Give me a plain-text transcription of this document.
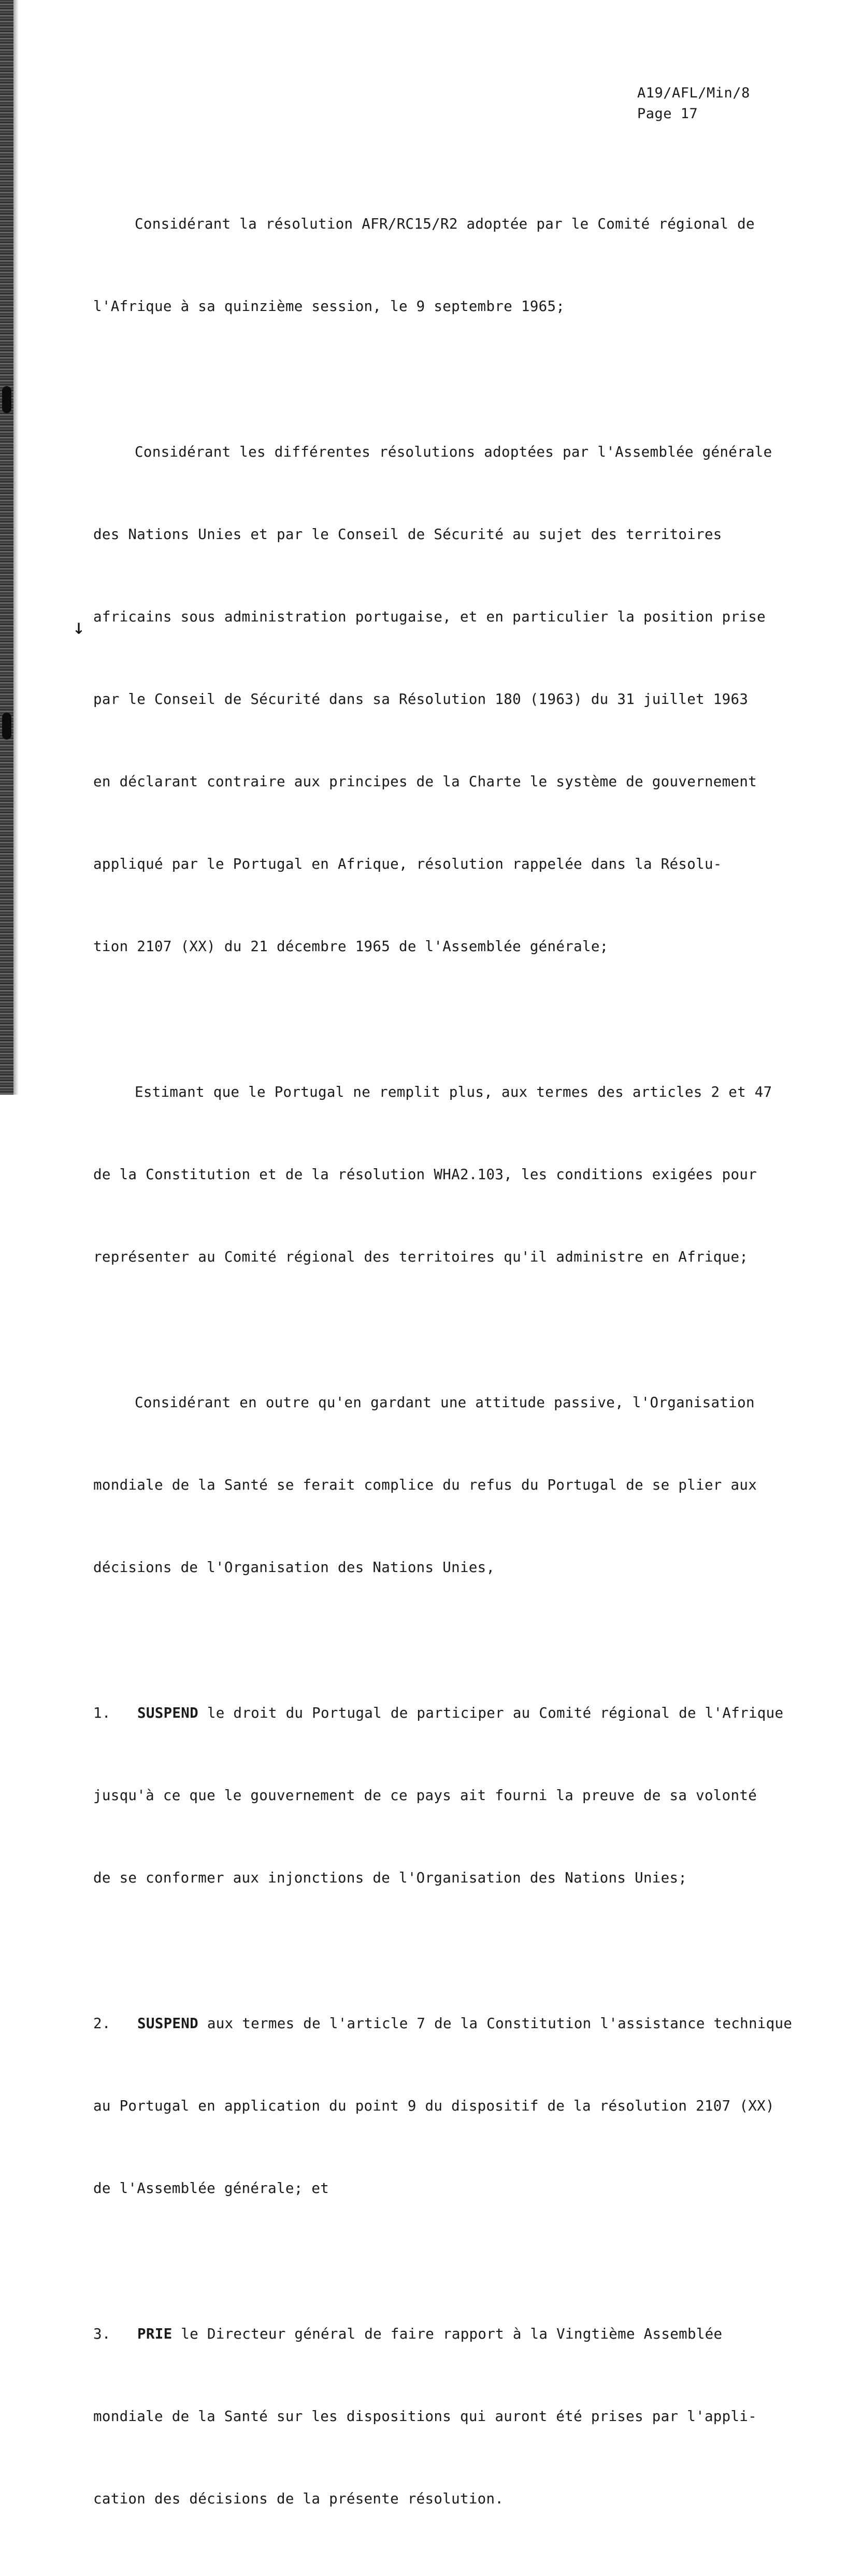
A19/AFL/Min/8
Page 17
↓

Considérant la résolution AFR/RC15/R2 adoptée par le Comité régional de

l'Afrique à sa quinzième session, le 9 septembre 1965;

Considérant les différentes résolutions adoptées par l'Assemblée générale

des Nations Unies et par le Conseil de Sécurité au sujet des territoires

africains sous administration portugaise, et en particulier la position prise

par le Conseil de Sécurité dans sa Résolution 180 (1963) du 31 juillet 1963

en déclarant contraire aux principes de la Charte le système de gouvernement

appliqué par le Portugal en Afrique, résolution rappelée dans la Résolu-

tion 2107 (XX) du 21 décembre 1965 de l'Assemblée générale;

Estimant que le Portugal ne remplit plus, aux termes des articles 2 et 47

de la Constitution et de la résolution WHA2.103, les conditions exigées pour

représenter au Comité régional des territoires qu'il administre en Afrique;

Considérant en outre qu'en gardant une attitude passive, l'Organisation

mondiale de la Santé se ferait complice du refus du Portugal de se plier aux

décisions de l'Organisation des Nations Unies,

1. SUSPEND le droit du Portugal de participer au Comité régional de l'Afrique

jusqu'à ce que le gouvernement de ce pays ait fourni la preuve de sa volonté

de se conformer aux injonctions de l'Organisation des Nations Unies;

2. SUSPEND aux termes de l'article 7 de la Constitution l'assistance technique

au Portugal en application du point 9 du dispositif de la résolution 2107 (XX)

de l'Assemblée générale; et

3. PRIE le Directeur général de faire rapport à la Vingtième Assemblée

mondiale de la Santé sur les dispositions qui auront été prises par l'appli-

cation des décisions de la présente résolution.
